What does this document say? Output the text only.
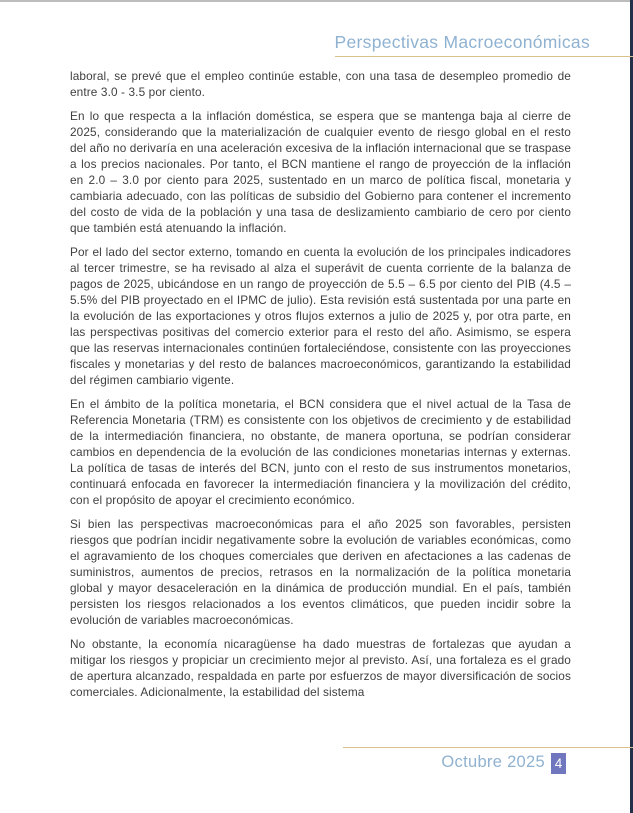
Perspectivas Macroeconómicas

laboral, se prevé que el empleo continúe estable, con una tasa de desempleo promedio de entre 3.0 - 3.5 por ciento.

En lo que respecta a la inflación doméstica, se espera que se mantenga baja al cierre de 2025, considerando que la materialización de cualquier evento de riesgo global en el resto del año no derivaría en una aceleración excesiva de la inflación internacional que se traspase a los precios nacionales. Por tanto, el BCN mantiene el rango de proyección de la inflación en 2.0 – 3.0 por ciento para 2025, sustentado en un marco de política fiscal, monetaria y cambiaria adecuado, con las políticas de subsidio del Gobierno para contener el incremento del costo de vida de la población y una tasa de deslizamiento cambiario de cero por ciento que también está atenuando la inflación.

Por el lado del sector externo, tomando en cuenta la evolución de los principales indicadores al tercer trimestre, se ha revisado al alza el superávit de cuenta corriente de la balanza de pagos de 2025, ubicándose en un rango de proyección de 5.5 – 6.5 por ciento del PIB (4.5 – 5.5% del PIB proyectado en el IPMC de julio). Esta revisión está sustentada por una parte en la evolución de las exportaciones y otros flujos externos a julio de 2025 y, por otra parte, en las perspectivas positivas del comercio exterior para el resto del año. Asimismo, se espera que las reservas internacionales continúen fortaleciéndose, consistente con las proyecciones fiscales y monetarias y del resto de balances macroeconómicos, garantizando la estabilidad del régimen cambiario vigente.

En el ámbito de la política monetaria, el BCN considera que el nivel actual de la Tasa de Referencia Monetaria (TRM) es consistente con los objetivos de crecimiento y de estabilidad de la intermediación financiera, no obstante, de manera oportuna, se podrían considerar cambios en dependencia de la evolución de las condiciones monetarias internas y externas. La política de tasas de interés del BCN, junto con el resto de sus instrumentos monetarios, continuará enfocada en favorecer la intermediación financiera y la movilización del crédito, con el propósito de apoyar el crecimiento económico.

Si bien las perspectivas macroeconómicas para el año 2025 son favorables, persisten riesgos que podrían incidir negativamente sobre la evolución de variables económicas, como el agravamiento de los choques comerciales que deriven en afectaciones a las cadenas de suministros, aumentos de precios, retrasos en la normalización de la política monetaria global y mayor desaceleración en la dinámica de producción mundial. En el país, también persisten los riesgos relacionados a los eventos climáticos, que pueden incidir sobre la evolución de variables macroeconómicas.

No obstante, la economía nicaragüense ha dado muestras de fortalezas que ayudan a mitigar los riesgos y propiciar un crecimiento mejor al previsto. Así, una fortaleza es el grado de apertura alcanzado, respaldada en parte por esfuerzos de mayor diversificación de socios comerciales. Adicionalmente, la estabilidad del sistema

Octubre 2025 4
